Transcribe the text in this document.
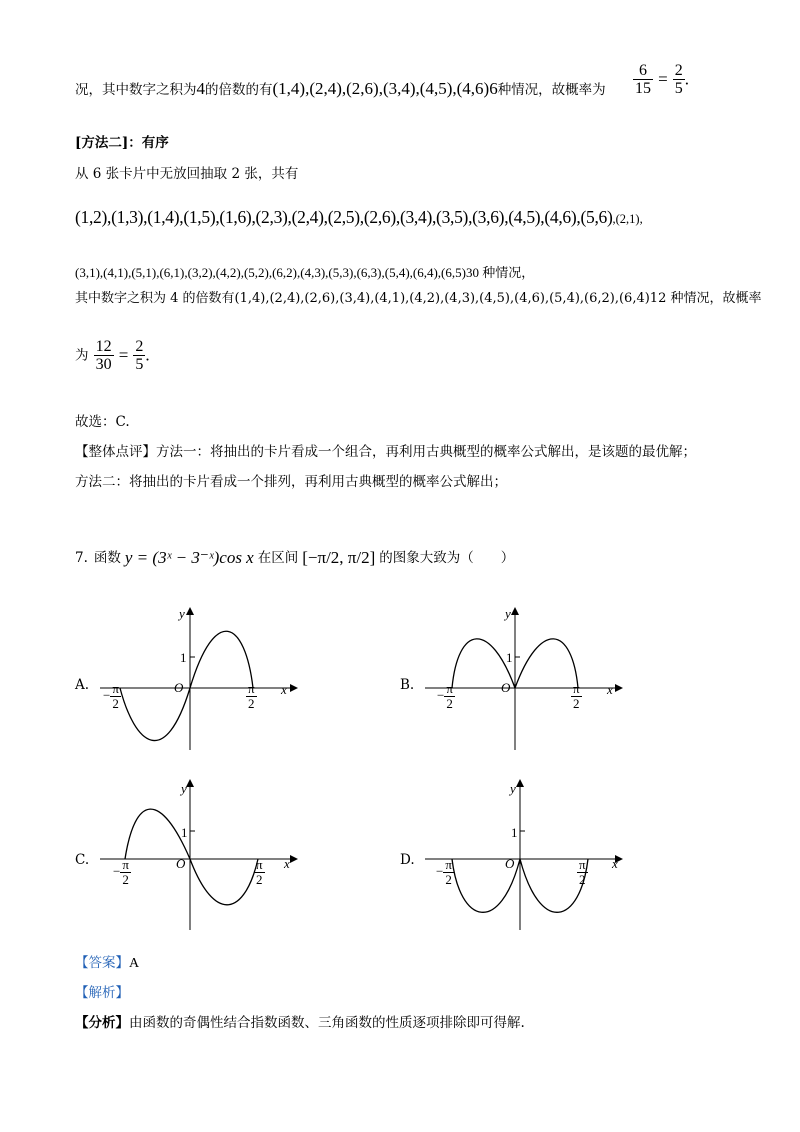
况，其中数字之积为4的倍数的有(1,4),(2,4),(2,6),(3,4),(4,5),(4,6)6种情况，故概率为 $\frac{6}{15} = \frac{2}{5}$ .
[方法二]：有序
从 6 张卡片中无放回抽取 2 张，共有
(1,2),(1,3),(1,4),(1,5),(1,6),(2,3),(2,4),(2,5),(2,6),(3,4),(3,5),(3,6),(4,5),(4,6),(5,6),(2,1),
(3,1),(4,1),(5,1),(6,1),(3,2),(4,2),(5,2),(6,2),(4,3),(5,3),(6,3),(5,4),(6,4),(6,5)30 种情况，
其中数字之积为 4 的倍数有(1,4),(2,4),(2,6),(3,4),(4,1),(4,2),(4,3),(4,5),(4,6),(5,4),(6,2),(6,4)12 种情况，故概率
为 $\frac{12}{30} = \frac{2}{5}$ .
故选：C.
【整体点评】方法一：将抽出的卡片看成一个组合，再利用古典概型的概率公式解出，是该题的最优解；
方法二：将抽出的卡片看成一个排列，再利用古典概型的概率公式解出；
7. 函数 y = (3ˣ − 3⁻ˣ)cos x 在区间 [−π/2, π/2] 的图象大致为（　　）
A.
y
1
O	x
− $\frac{\pi}{2}$	$\frac{\pi}{2}$	B.
y
1
O	x
− $\frac{\pi}{2}$	$\frac{\pi}{2}$
C.
y
1
O	x
− $\frac{\pi}{2}$	$\frac{\pi}{2}$	D.
y
1
O	x
− $\frac{\pi}{2}$	$\frac{\pi}{2}$
【答案】A
【解析】
【分析】由函数的奇偶性结合指数函数、三角函数的性质逐项排除即可得解.
